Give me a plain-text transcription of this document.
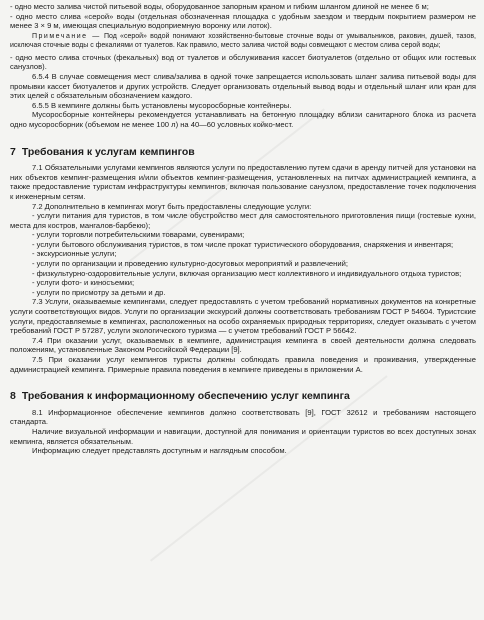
- одно место залива чистой питьевой воды, оборудованное запорным краном и гибким шлангом длиной не менее 6 м;

- одно место слива «серой» воды (отдельная обозначенная площадка с удобным заездом и твердым покрытием размером не менее 3 × 9 м, имеющая специальную водоприемную воронку или лоток).

Примечание — Под «серой» водой понимают хозяйственно-бытовые сточные воды от умывальников, раковин, душей, тазов, исключая сточные воды с фекалиями от туалетов. Как правило, место залива чистой воды совмещают с местом слива серой воды;

- одно место слива сточных (фекальных) вод от туалетов и обслуживания кассет биотуалетов (отдельно от общих или гостевых санузлов).

6.5.4 В случае совмещения мест слива/залива в одной точке запрещается использовать шланг залива питьевой воды для промывки кассет биотуалетов и других устройств. Следует организовать отдельный вывод воды и отдельный шланг или кран для этих целей с обязательным обозначением каждого.

6.5.5 В кемпинге должны быть установлены мусоросборные контейнеры.

Мусоросборные контейнеры рекомендуется устанавливать на бетонную площадку вблизи санитарного блока из расчета одно мусоросборник (объемом не менее 100 л) на 40—60 условных койко-мест.

7 Требования к услугам кемпингов

7.1 Обязательными услугами кемпингов являются услуги по предоставлению путем сдачи в аренду питчей для установки на них объектов кемпинг-размещения и/или объектов кемпинг-размещения, установленных на питчах администрацией кемпинга, а также предоставление туристам инфраструктуры кемпингов, включая пользование санузлом, предоставление точек подключения к инженерным сетям.

7.2 Дополнительно в кемпингах могут быть предоставлены следующие услуги:

- услуги питания для туристов, в том числе обустройство мест для самостоятельного приготовления пищи (гостевые кухни, места для костров, мангалов-барбекю);

- услуги торговли потребительскими товарами, сувенирами;

- услуги бытового обслуживания туристов, в том числе прокат туристического оборудования, снаряжения и инвентаря;

- экскурсионные услуги;

- услуги по организации и проведению культурно-досуговых мероприятий и развлечений;

- физкультурно-оздоровительные услуги, включая организацию мест коллективного и индивидуального отдыха туристов;

- услуги фото- и киносъемки;

- услуги по присмотру за детьми и др.

7.3 Услуги, оказываемые кемпингами, следует предоставлять с учетом требований нормативных документов на конкретные услуги соответствующих видов. Услуги по организации экскурсий должны соответствовать требованиям ГОСТ Р 54604. Туристские услуги, предоставляемые в кемпингах, расположенных на особо охраняемых природных территориях, следует оказывать с учетом требований ГОСТ Р 57287, услуги экологического туризма — с учетом требований ГОСТ Р 56642.

7.4 При оказании услуг, оказываемых в кемпинге, администрация кемпинга в своей деятельности должна следовать положениям, установленные Законом Российской Федерации [9].

7.5 При оказании услуг кемпингов туристы должны соблюдать правила поведения и проживания, утвержденные администрацией кемпинга. Примерные правила поведения в кемпинге приведены в приложении А.

8 Требования к информационному обеспечению услуг кемпинга

8.1 Информационное обеспечение кемпингов должно соответствовать [9], ГОСТ 32612 и требованиям настоящего стандарта.

Наличие визуальной информации и навигации, доступной для понимания и ориентации туристов во всех доступных зонах кемпинга, является обязательным.

Информацию следует представлять доступным и наглядным способом.
